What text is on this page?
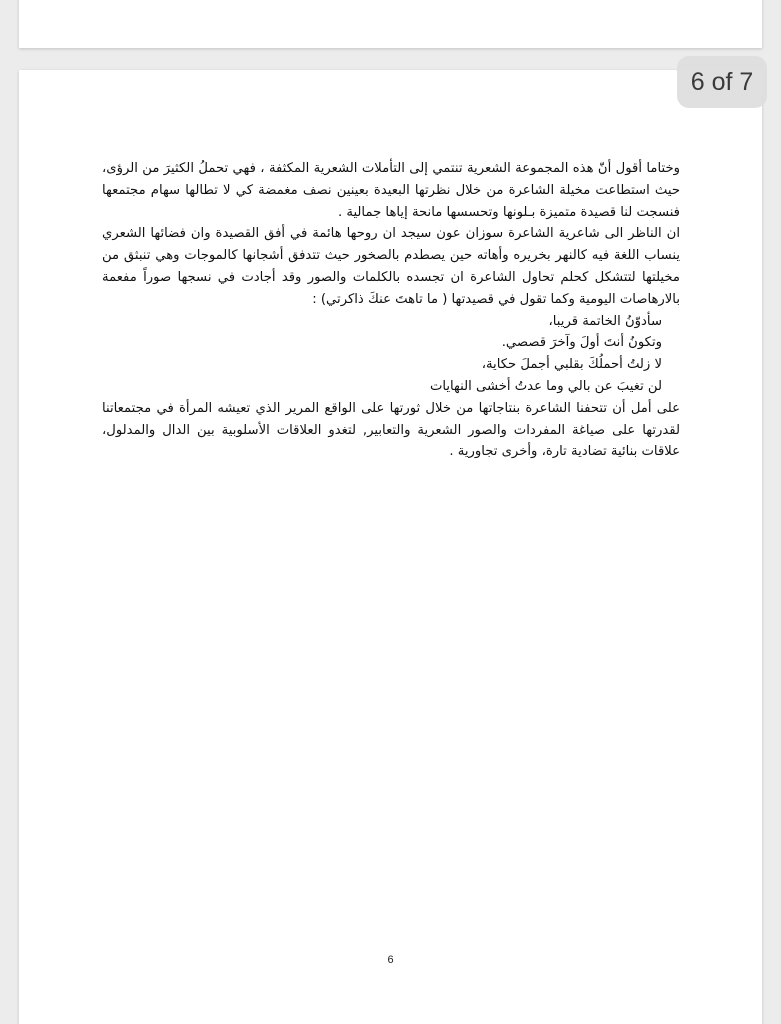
وختاما أقول أنّ هذه المجموعة الشعرية تنتمي إلى التأملات الشعرية المكثفة ، فهي تحملُ الكثيرَ من الرؤى، حيث استطاعت مخيلة الشاعرة من خلال نظرتها البعيدة بعينين نصف مغمضة كي لا تطالها سهام مجتمعها فنسجت لنا قصيدة متميزة بـلونها وتحسسها مانحة إياها جمالية .

ان الناظر الى شاعرية الشاعرة سوزان عون سيجد ان روحها هائمة في أفق القصيدة وان فضائها الشعري ينساب اللغة فيه كالنهر بخريره وأهاته حين يصطدم بالصخور حيث تتدفق أشجانها كالموجات وهي تنبثق من مخيلتها لتتشكل كحلم تحاول الشاعرة ان تجسده بالكلمات والصور وقد أجادت في نسجها صوراً مفعمة بالارهاصات اليومية وكما تقول في قصيدتها ( ما تاهتَ عنكَ ذاكرتي) :

سأدوّنُ الخاتمة قريبا،
وتكونُ أنتَ أولَ وآخرَ قصصي.
لا زلتُ أحملُكَ بقلبي أجملَ حكاية،
لن تغيبَ عن بالي وما عدتُ أخشى النهايات

على أمل أن تتحفنا الشاعرة بنتاجاتها من خلال ثورتها على الواقع المرير الذي تعيشه المرأة في مجتمعاتنا لقدرتها على صياغة المفردات والصور الشعرية والتعابير, لتغدو العلاقات الأسلوبية بين الدال والمدلول، علاقات بنائية تضادية تارة، وأخرى تجاورية .

6
6 of 7
